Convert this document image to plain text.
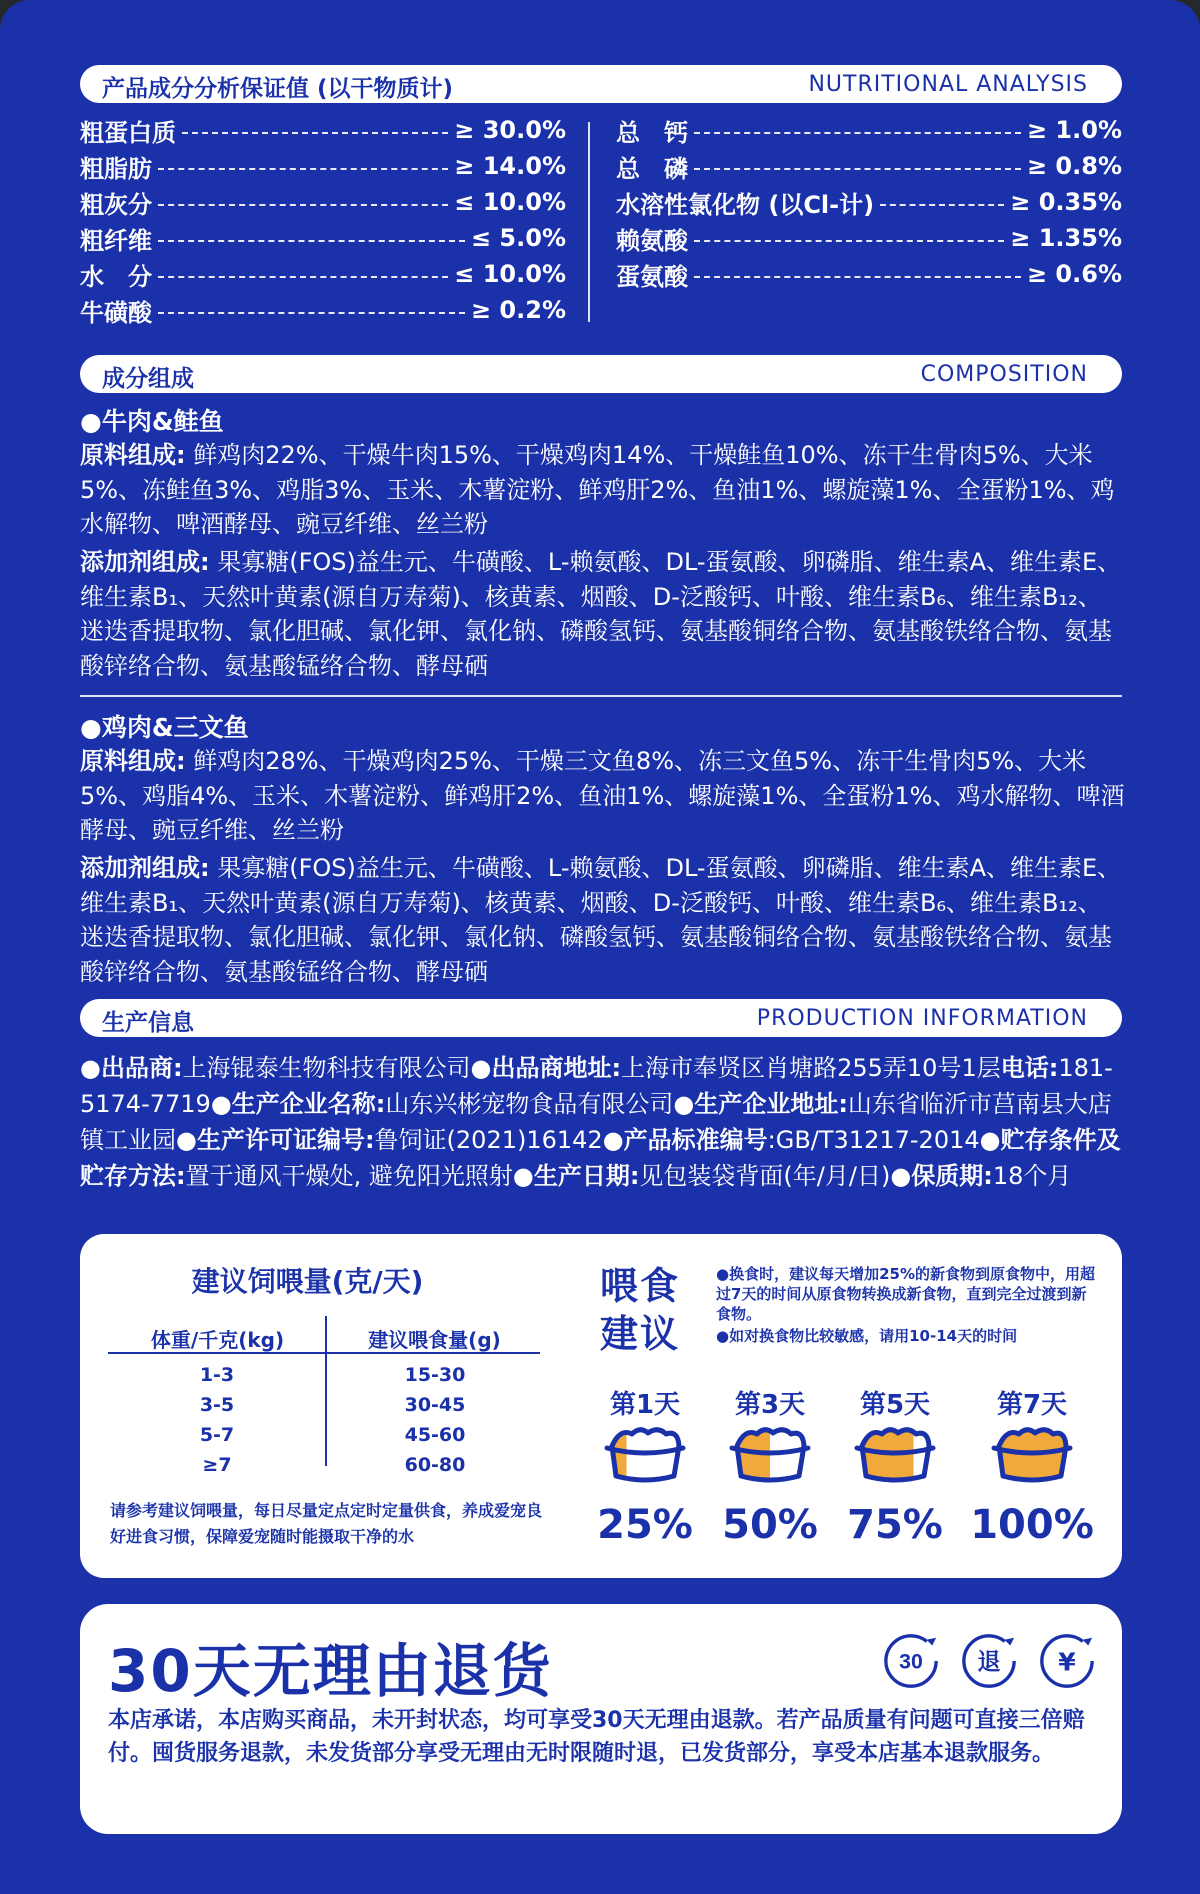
产品成分分析保证值 (以干物质计)	NUTRITIONAL ANALYSIS
粗蛋白质	≥ 30.0%
粗脂肪	≥ 14.0%
粗灰分	≤ 10.0%
粗纤维	≤ 5.0%
水　分	≤ 10.0%
牛磺酸	≥ 0.2%
总　钙	≥ 1.0%
总　磷	≥ 0.8%
水溶性氯化物 (以Cl-计)	≥ 0.35%
赖氨酸	≥ 1.35%
蛋氨酸	≥ 0.6%
成分组成	COMPOSITION
●牛肉&鲑鱼
原料组成: 鲜鸡肉22%、干燥牛肉15%、干燥鸡肉14%、干燥鲑鱼10%、冻干生骨肉5%、大米5%、冻鲑鱼3%、鸡脂3%、玉米、木薯淀粉、鲜鸡肝2%、鱼油1%、螺旋藻1%、全蛋粉1%、鸡水解物、啤酒酵母、豌豆纤维、丝兰粉
添加剂组成: 果寡糖(FOS)益生元、牛磺酸、L-赖氨酸、DL-蛋氨酸、卵磷脂、维生素A、维生素E、维生素B₁、天然叶黄素(源自万寿菊)、核黄素、烟酸、D-泛酸钙、叶酸、维生素B₆、维生素B₁₂、迷迭香提取物、氯化胆碱、氯化钾、氯化钠、磷酸氢钙、氨基酸铜络合物、氨基酸铁络合物、氨基酸锌络合物、氨基酸锰络合物、酵母硒
●鸡肉&三文鱼
原料组成: 鲜鸡肉28%、干燥鸡肉25%、干燥三文鱼8%、冻三文鱼5%、冻干生骨肉5%、大米5%、鸡脂4%、玉米、木薯淀粉、鲜鸡肝2%、鱼油1%、螺旋藻1%、全蛋粉1%、鸡水解物、啤酒酵母、豌豆纤维、丝兰粉
添加剂组成: 果寡糖(FOS)益生元、牛磺酸、L-赖氨酸、DL-蛋氨酸、卵磷脂、维生素A、维生素E、维生素B₁、天然叶黄素(源自万寿菊)、核黄素、烟酸、D-泛酸钙、叶酸、维生素B₆、维生素B₁₂、迷迭香提取物、氯化胆碱、氯化钾、氯化钠、磷酸氢钙、氨基酸铜络合物、氨基酸铁络合物、氨基酸锌络合物、氨基酸锰络合物、酵母硒
生产信息	PRODUCTION INFORMATION
●出品商:上海锟泰生物科技有限公司●出品商地址:上海市奉贤区肖塘路255弄10号1层电话:181-5174-7719●生产企业名称:山东兴彬宠物食品有限公司●生产企业地址:山东省临沂市莒南县大店镇工业园●生产许可证编号:鲁饲证(2021)16142●产品标准编号:GB/T31217-2014●贮存条件及贮存方法:置于通风干燥处, 避免阳光照射●生产日期:见包装袋背面(年/月/日)●保质期:18个月
建议饲喂量(克/天)
体重/千克(kg)	建议喂食量(g)
1-3	15-30
3-5	30-45
5-7	45-60
≥7	60-80
请参考建议饲喂量，每日尽量定点定时定量供食，养成爱宠良好进食习惯，保障爱宠随时能摄取干净的水
喂食建议
●换食时，建议每天增加25%的新食物到原食物中，用超过7天的时间从原食物转换成新食物，直到完全过渡到新食物。
●如对换食物比较敏感，请用10-14天的时间
第1天	第3天	第5天	第7天
25% 50% 75% 100%
30天无理由退货	30 退 ¥
本店承诺，本店购买商品，未开封状态，均可享受30天无理由退款。若产品质量有问题可直接三倍赔付。囤货服务退款，未发货部分享受无理由无时限随时退，已发货部分，享受本店基本退款服务。
